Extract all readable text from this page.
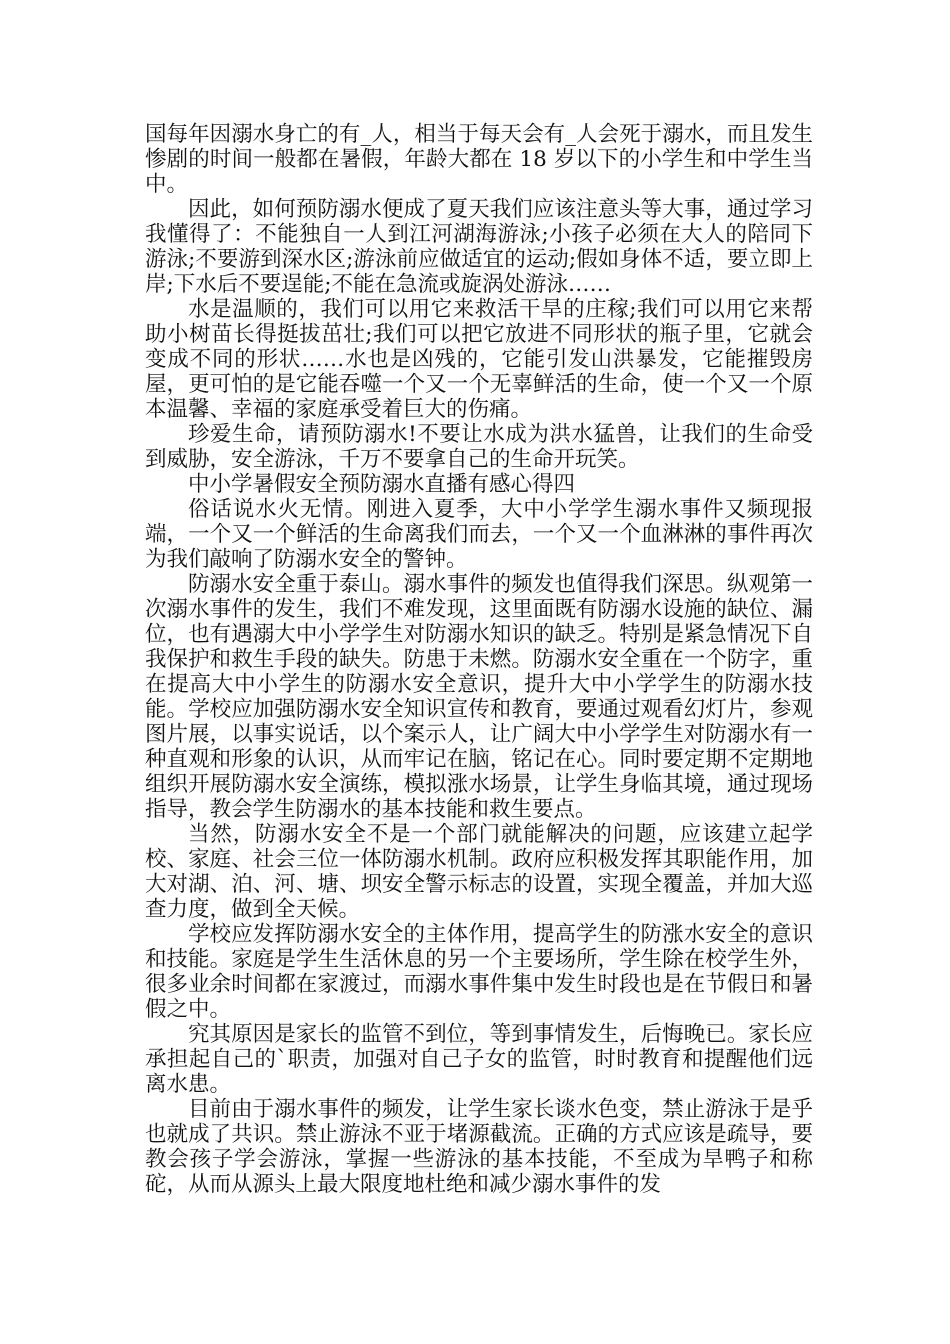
国每年因溺水身亡的有_人，相当于每天会有_人会死于溺水，而且发生惨剧的时间一般都在暑假，年龄大都在 18 岁以下的小学生和中学生当中。

因此，如何预防溺水便成了夏天我们应该注意头等大事，通过学习我懂得了：不能独自一人到江河湖海游泳;小孩子必须在大人的陪同下游泳;不要游到深水区;游泳前应做适宜的运动;假如身体不适，要立即上岸;下水后不要逞能;不能在急流或旋涡处游泳……

水是温顺的，我们可以用它来救活干旱的庄稼;我们可以用它来帮助小树苗长得挺拔茁壮;我们可以把它放进不同形状的瓶子里，它就会变成不同的形状……水也是凶残的，它能引发山洪暴发，它能摧毁房屋，更可怕的是它能吞噬一个又一个无辜鲜活的生命，使一个又一个原本温馨、幸福的家庭承受着巨大的伤痛。

珍爱生命，请预防溺水!不要让水成为洪水猛兽，让我们的生命受到威胁，安全游泳，千万不要拿自己的生命开玩笑。

中小学暑假安全预防溺水直播有感心得四

俗话说水火无情。刚进入夏季，大中小学学生溺水事件又频现报端，一个又一个鲜活的生命离我们而去，一个又一个血淋淋的事件再次为我们敲响了防溺水安全的警钟。

防溺水安全重于泰山。溺水事件的频发也值得我们深思。纵观第一次溺水事件的发生，我们不难发现，这里面既有防溺水设施的缺位、漏位，也有遇溺大中小学学生对防溺水知识的缺乏。特别是紧急情况下自我保护和救生手段的缺失。防患于未燃。防溺水安全重在一个防字，重在提高大中小学生的防溺水安全意识，提升大中小学学生的防溺水技能。学校应加强防溺水安全知识宣传和教育，要通过观看幻灯片，参观图片展，以事实说话，以个案示人，让广阔大中小学学生对防溺水有一种直观和形象的认识，从而牢记在脑，铭记在心。同时要定期不定期地组织开展防溺水安全演练，模拟涨水场景，让学生身临其境，通过现场指导，教会学生防溺水的基本技能和救生要点。

当然，防溺水安全不是一个部门就能解决的问题，应该建立起学校、家庭、社会三位一体防溺水机制。政府应积极发挥其职能作用，加大对湖、泊、河、塘、坝安全警示标志的设置，实现全覆盖，并加大巡查力度，做到全天候。

学校应发挥防溺水安全的主体作用，提高学生的防涨水安全的意识和技能。家庭是学生生活休息的另一个主要场所，学生除在校学生外，很多业余时间都在家渡过，而溺水事件集中发生时段也是在节假日和暑假之中。

究其原因是家长的监管不到位，等到事情发生，后悔晚已。家长应承担起自己的`职责，加强对自己子女的监管，时时教育和提醒他们远离水患。

目前由于溺水事件的频发，让学生家长谈水色变，禁止游泳于是乎也就成了共识。禁止游泳不亚于堵源截流。正确的方式应该是疏导，要教会孩子学会游泳，掌握一些游泳的基本技能，不至成为旱鸭子和称砣，从而从源头上最大限度地杜绝和减少溺水事件的发
